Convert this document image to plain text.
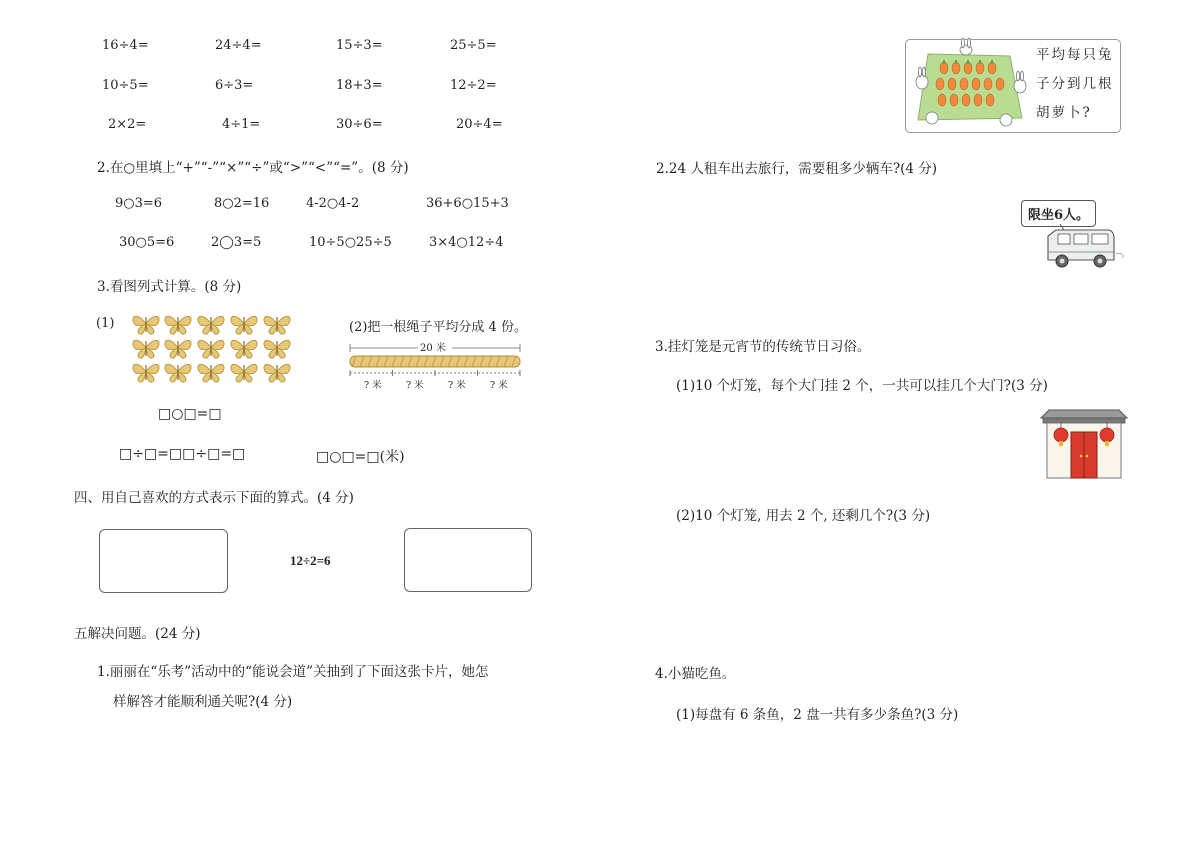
16÷4=	24÷4=	15÷3=	25÷5=
10÷5=	6÷3=	18+3=	12÷2=
2×2=	4÷1=	30÷6=	20÷4=
2.在○里填上“+”“-”“×”“÷”或“>”“<”“=”。(8 分)
9○3=6	8○2=16	4-2○4-2	36+6○15+3
30○5=6	2◯3=5	10÷5○25÷5	3×4○12÷4
3.看图列式计算。(8 分)
(1)	(2)把一根绳子平均分成 4 份。
20 米
? 米	? 米	? 米	? 米
□○□=□
□÷□=□□÷□=□	□○□=□(米)
四、用自己喜欢的方式表示下面的算式。(4 分)
12÷2=6
五解决问题。(24 分)
1.丽丽在“乐考”活动中的“能说会道”关抽到了下面这张卡片，她怎
样解答才能顺利通关呢?(4 分)
平均每只兔
子分到几根
胡萝卜?
2.24 人租车出去旅行，需要租多少辆车?(4 分)
限坐6人。
3.挂灯笼是元宵节的传统节日习俗。
(1)10 个灯笼，每个大门挂 2 个，一共可以挂几个大门?(3 分)
(2)10 个灯笼, 用去 2 个, 还剩几个?(3 分)
4.小猫吃鱼。
(1)每盘有 6 条鱼，2 盘一共有多少条鱼?(3 分)
